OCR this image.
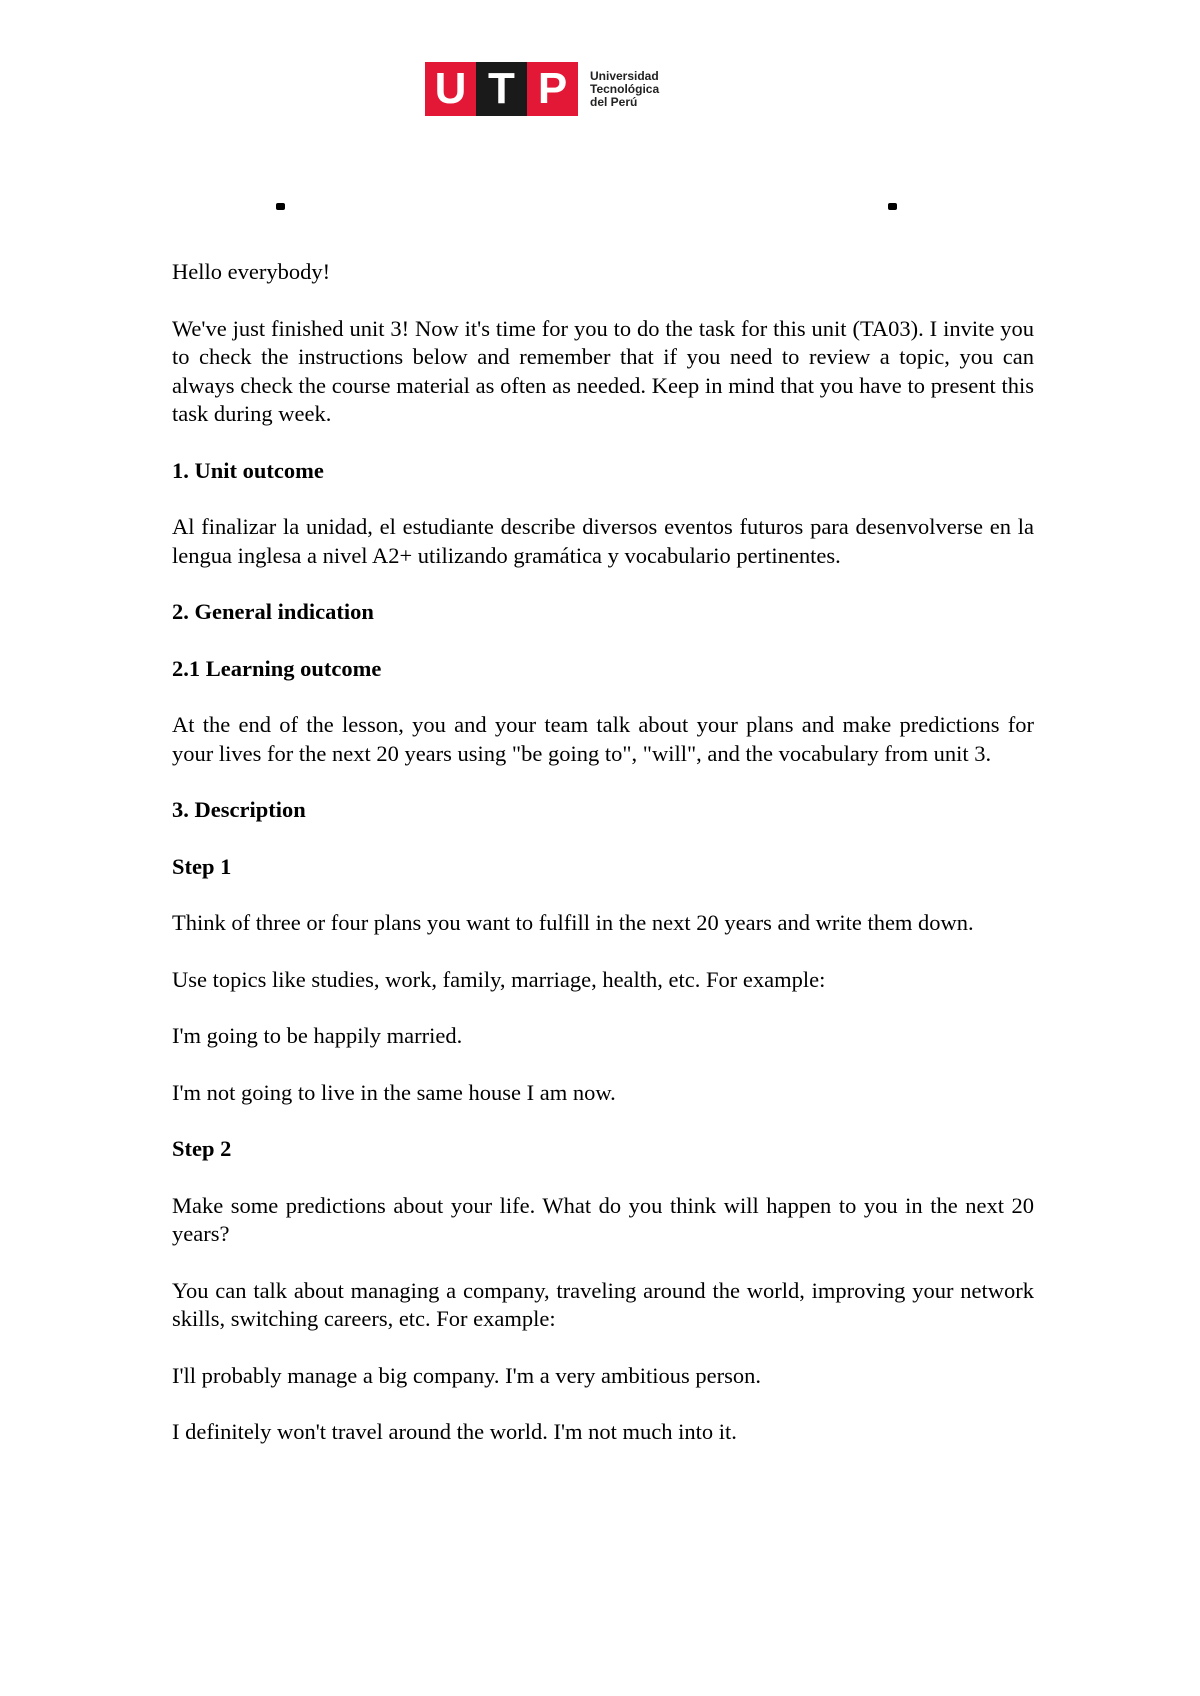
U T P	Universidad
Tecnológica
del Perú

Hello everybody!

We've just finished unit 3! Now it's time for you to do the task for this unit (TA03). I invite you to check the instructions below and remember that if you need to review a topic, you can always check the course material as often as needed. Keep in mind that you have to present this task during week.

1. Unit outcome

Al finalizar la unidad, el estudiante describe diversos eventos futuros para desenvolverse en la lengua inglesa a nivel A2+ utilizando gramática y vocabulario pertinentes.

2. General indication
2.1 Learning outcome

At the end of the lesson, you and your team talk about your plans and make predictions for your lives for the next 20 years using "be going to", "will", and the vocabulary from unit 3.

3. Description
Step 1

Think of three or four plans you want to fulfill in the next 20 years and write them down.

Use topics like studies, work, family, marriage, health, etc. For example:

I'm going to be happily married.

I'm not going to live in the same house I am now.

Step 2

Make some predictions about your life. What do you think will happen to you in the next 20 years?

You can talk about managing a company, traveling around the world, improving your network skills, switching careers, etc. For example:

I'll probably manage a big company. I'm a very ambitious person.

I definitely won't travel around the world. I'm not much into it.
